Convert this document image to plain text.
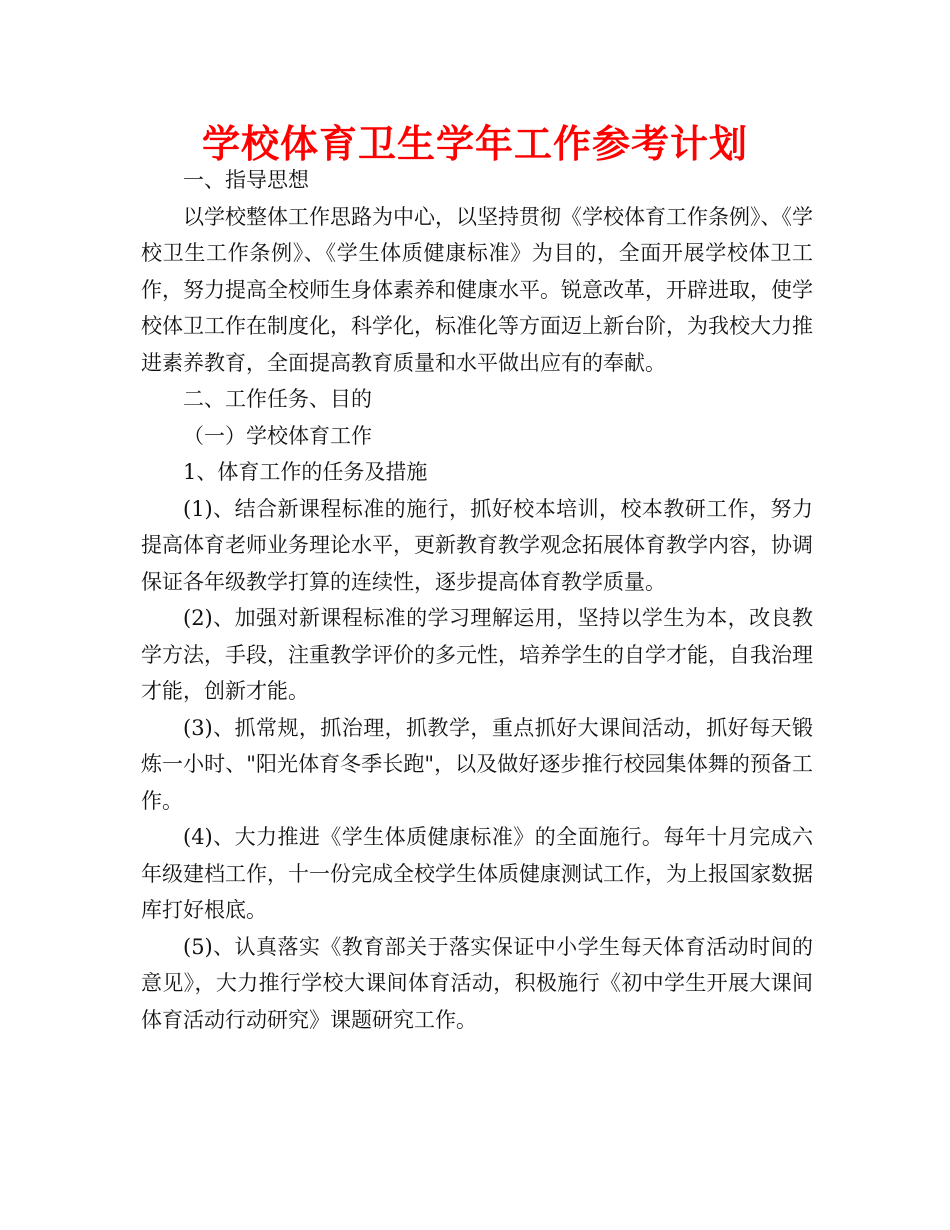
学校体育卫生学年工作参考计划

一、指导思想

以学校整体工作思路为中心，以坚持贯彻《学校体育工作条例》、《学校卫生工作条例》、《学生体质健康标准》为目的，全面开展学校体卫工作，努力提高全校师生身体素养和健康水平。锐意改革，开辟进取，使学校体卫工作在制度化，科学化，标准化等方面迈上新台阶，为我校大力推进素养教育，全面提高教育质量和水平做出应有的奉献。

二、工作任务、目的

（一）学校体育工作

1、体育工作的任务及措施

(1)、结合新课程标准的施行，抓好校本培训，校本教研工作，努力提高体育老师业务理论水平，更新教育教学观念拓展体育教学内容，协调保证各年级教学打算的连续性，逐步提高体育教学质量。

(2)、加强对新课程标准的学习理解运用，坚持以学生为本，改良教学方法，手段，注重教学评价的多元性，培养学生的自学才能，自我治理才能，创新才能。

(3)、抓常规，抓治理，抓教学，重点抓好大课间活动，抓好每天锻炼一小时、"阳光体育冬季长跑"，以及做好逐步推行校园集体舞的预备工作。

(4)、大力推进《学生体质健康标准》的全面施行。每年十月完成六年级建档工作，十一份完成全校学生体质健康测试工作，为上报国家数据库打好根底。

(5)、认真落实《教育部关于落实保证中小学生每天体育活动时间的意见》，大力推行学校大课间体育活动，积极施行《初中学生开展大课间体育活动行动研究》课题研究工作。
